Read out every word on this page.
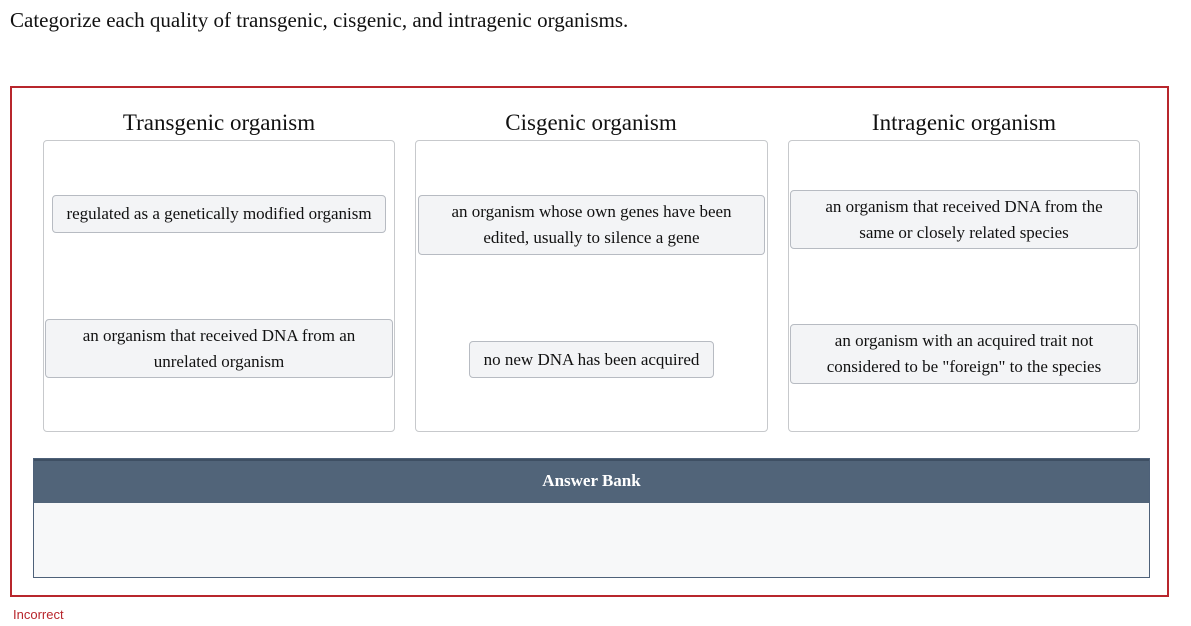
Categorize each quality of transgenic, cisgenic, and intragenic organisms.
Transgenic organism	Cisgenic organism	Intragenic organism
regulated as a genetically modified organism
an organism that received DNA from an unrelated organism
an organism whose own genes have been edited, usually to silence a gene
no new DNA has been acquired
an organism that received DNA from the same or closely related species
an organism with an acquired trait not considered to be "foreign" to the species
Answer Bank
Incorrect
